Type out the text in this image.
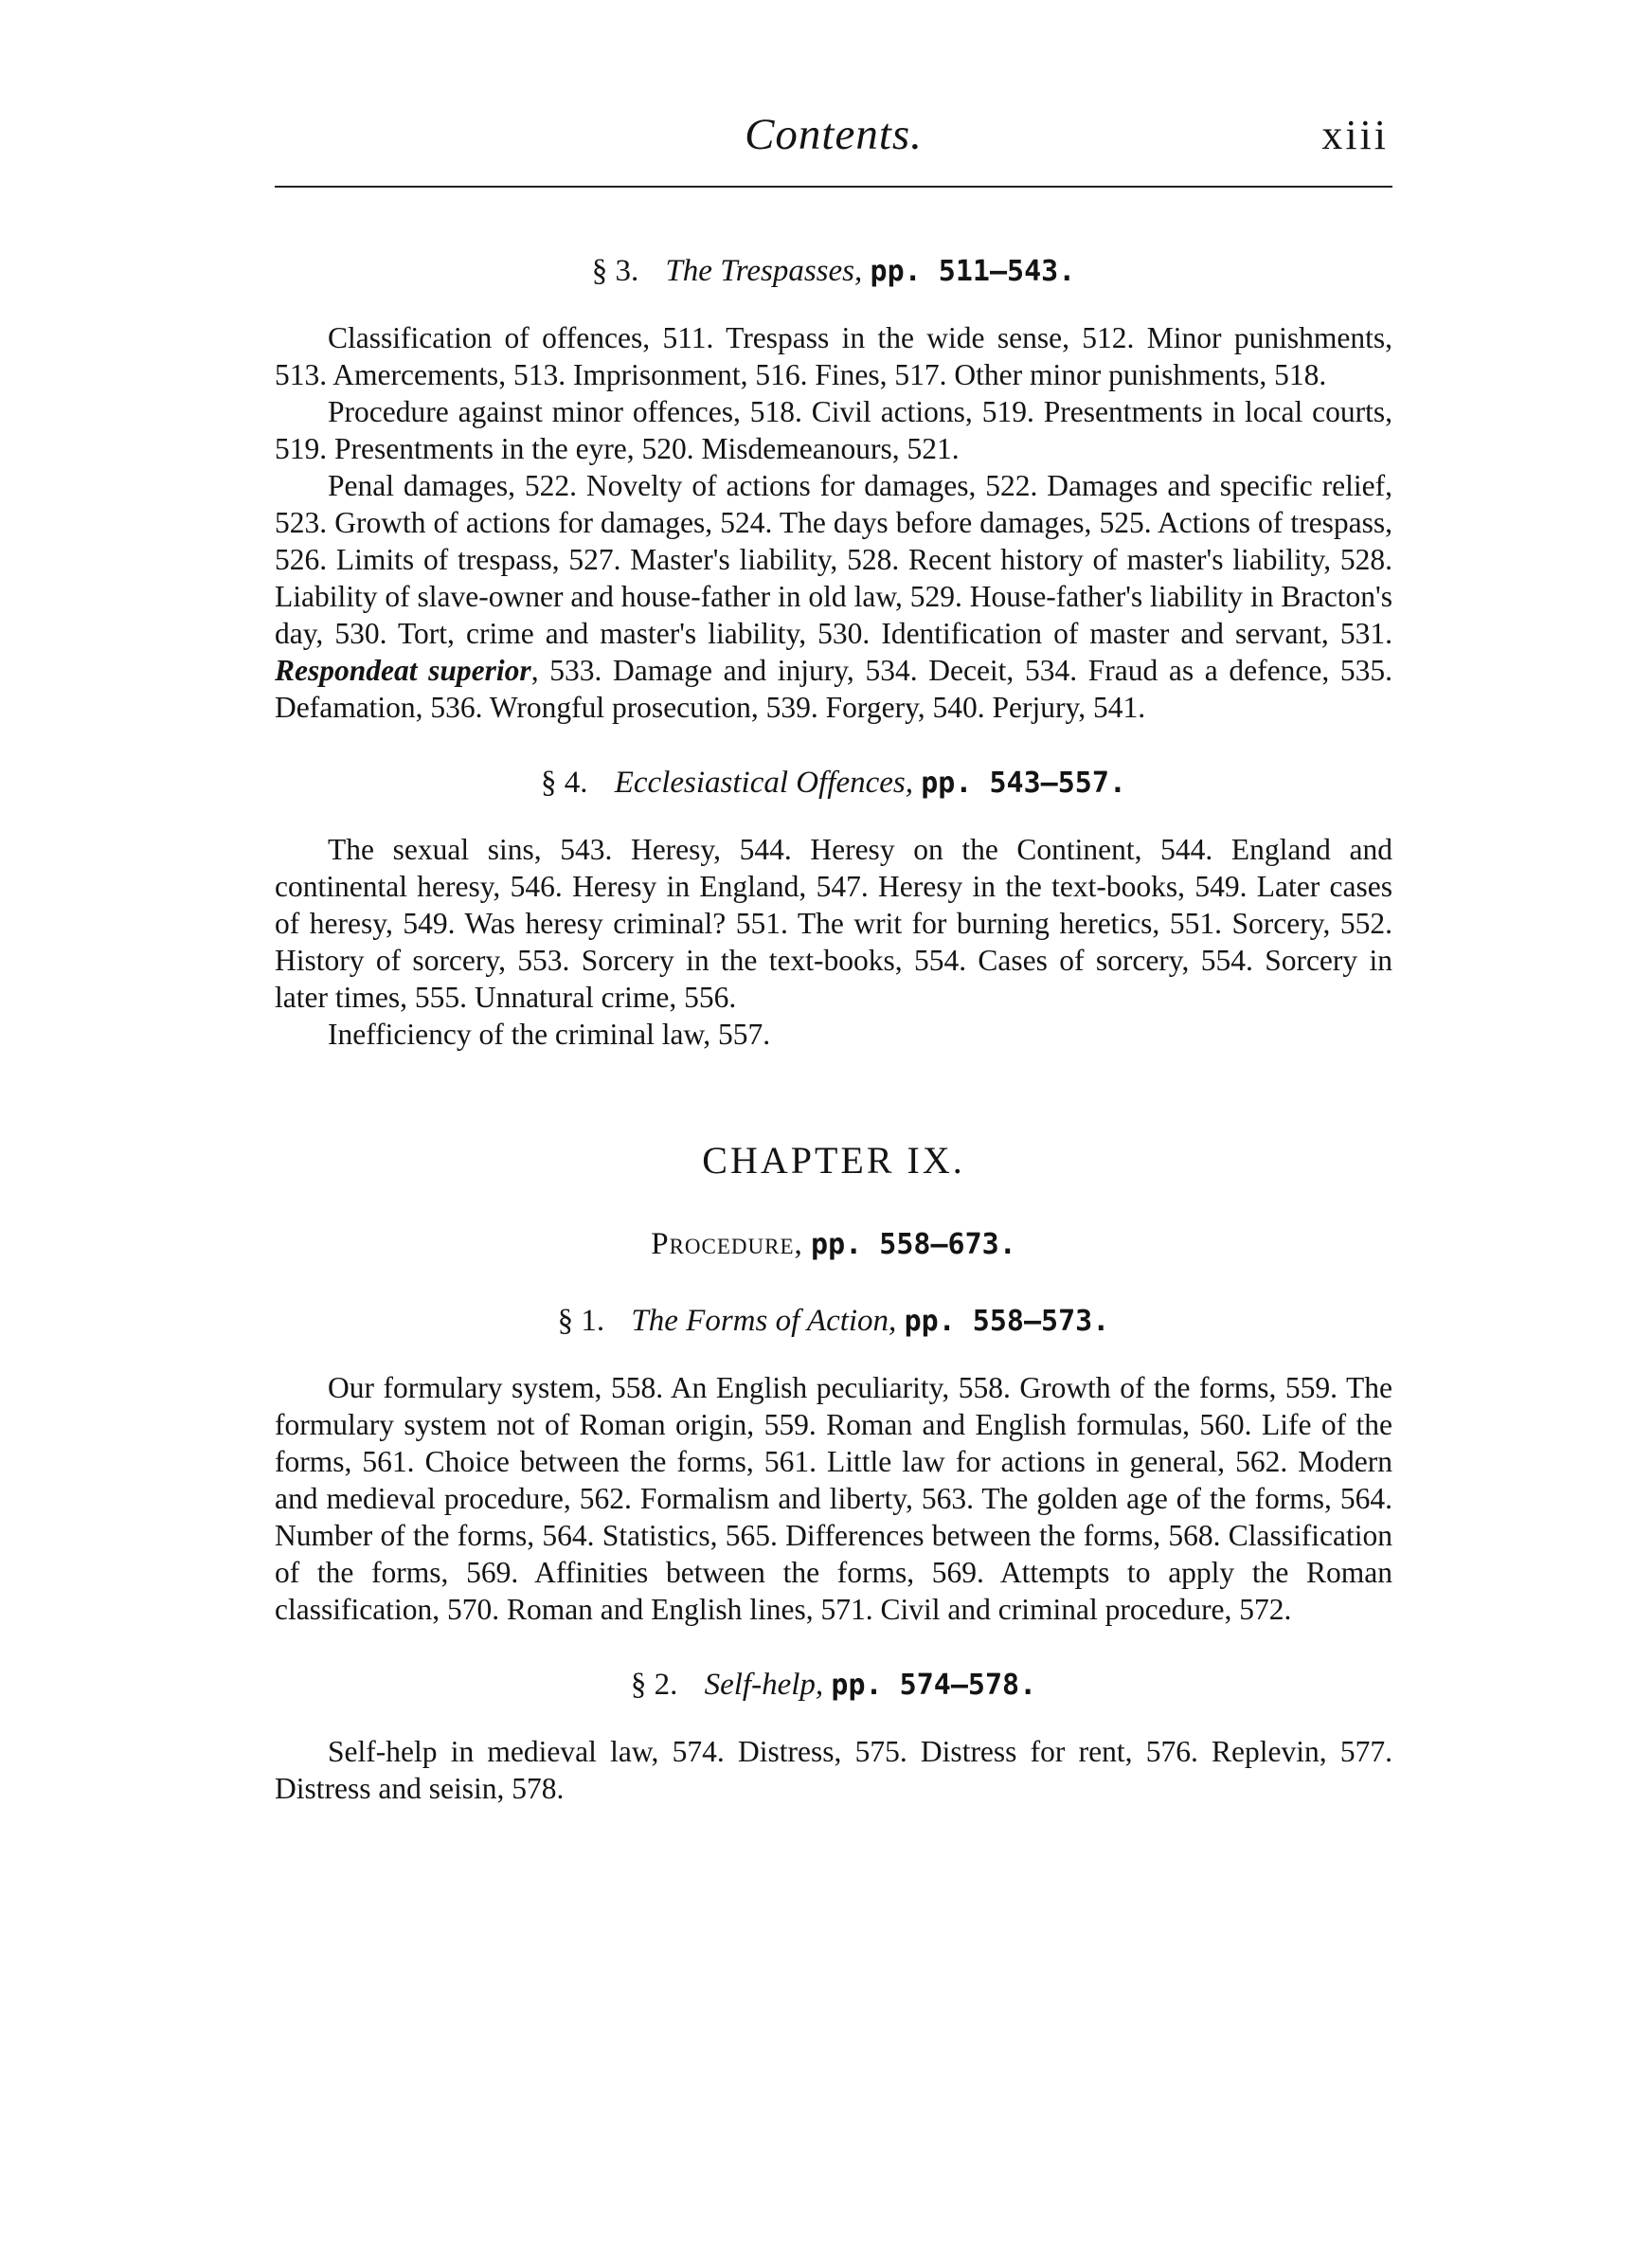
Contents.	xiii
§ 3. The Trespasses, pp. 511—543.

Classification of offences, 511. Trespass in the wide sense, 512. Minor punishments, 513. Amercements, 513. Imprisonment, 516. Fines, 517. Other minor punishments, 518.

Procedure against minor offences, 518. Civil actions, 519. Presentments in local courts, 519. Presentments in the eyre, 520. Misdemeanours, 521.

Penal damages, 522. Novelty of actions for damages, 522. Damages and specific relief, 523. Growth of actions for damages, 524. The days before damages, 525. Actions of trespass, 526. Limits of trespass, 527. Master's liability, 528. Recent history of master's liability, 528. Liability of slave-owner and house-father in old law, 529. House-father's liability in Bracton's day, 530. Tort, crime and master's liability, 530. Identification of master and servant, 531. Respondeat superior, 533. Damage and injury, 534. Deceit, 534. Fraud as a defence, 535. Defamation, 536. Wrongful prosecution, 539. Forgery, 540. Perjury, 541.

§ 4. Ecclesiastical Offences, pp. 543—557.

The sexual sins, 543. Heresy, 544. Heresy on the Continent, 544. England and continental heresy, 546. Heresy in England, 547. Heresy in the text-books, 549. Later cases of heresy, 549. Was heresy criminal? 551. The writ for burning heretics, 551. Sorcery, 552. History of sorcery, 553. Sorcery in the text-books, 554. Cases of sorcery, 554. Sorcery in later times, 555. Unnatural crime, 556.

Inefficiency of the criminal law, 557.

CHAPTER IX.
Procedure, pp. 558—673.
§ 1. The Forms of Action, pp. 558—573.

Our formulary system, 558. An English peculiarity, 558. Growth of the forms, 559. The formulary system not of Roman origin, 559. Roman and English formulas, 560. Life of the forms, 561. Choice between the forms, 561. Little law for actions in general, 562. Modern and medieval procedure, 562. Formalism and liberty, 563. The golden age of the forms, 564. Number of the forms, 564. Statistics, 565. Differences between the forms, 568. Classification of the forms, 569. Affinities between the forms, 569. Attempts to apply the Roman classification, 570. Roman and English lines, 571. Civil and criminal procedure, 572.

§ 2. Self-help, pp. 574—578.

Self-help in medieval law, 574. Distress, 575. Distress for rent, 576. Replevin, 577. Distress and seisin, 578.
